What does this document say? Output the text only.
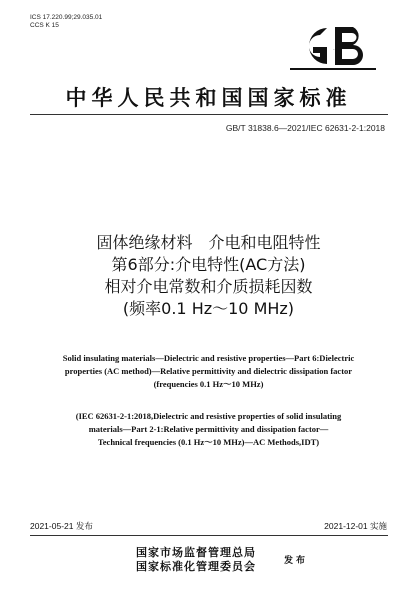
ICS 17.220.99;29.035.01
CCS K 15
GB
中华人民共和国国家标准
GB/T 31838.6—2021/IEC 62631-2-1:2018
固体绝缘材料　介电和电阻特性
第6部分:介电特性(AC方法)
相对介电常数和介质损耗因数
(频率0.1 Hz～10 MHz)
Solid insulating materials—Dielectric and resistive properties—Part 6:Dielectric
properties (AC method)—Relative permittivity and dielectric dissipation factor
(frequencies 0.1 Hz～10 MHz)
(IEC 62631-2-1:2018,Dielectric and resistive properties of solid insulating
materials—Part 2-1:Relative permittivity and dissipation factor—
Technical frequencies (0.1 Hz～10 MHz)—AC Methods,IDT)
2021-05-21 发布	2021-12-01 实施
国家市场监督管理总局
国家标准化管理委员会	发布
